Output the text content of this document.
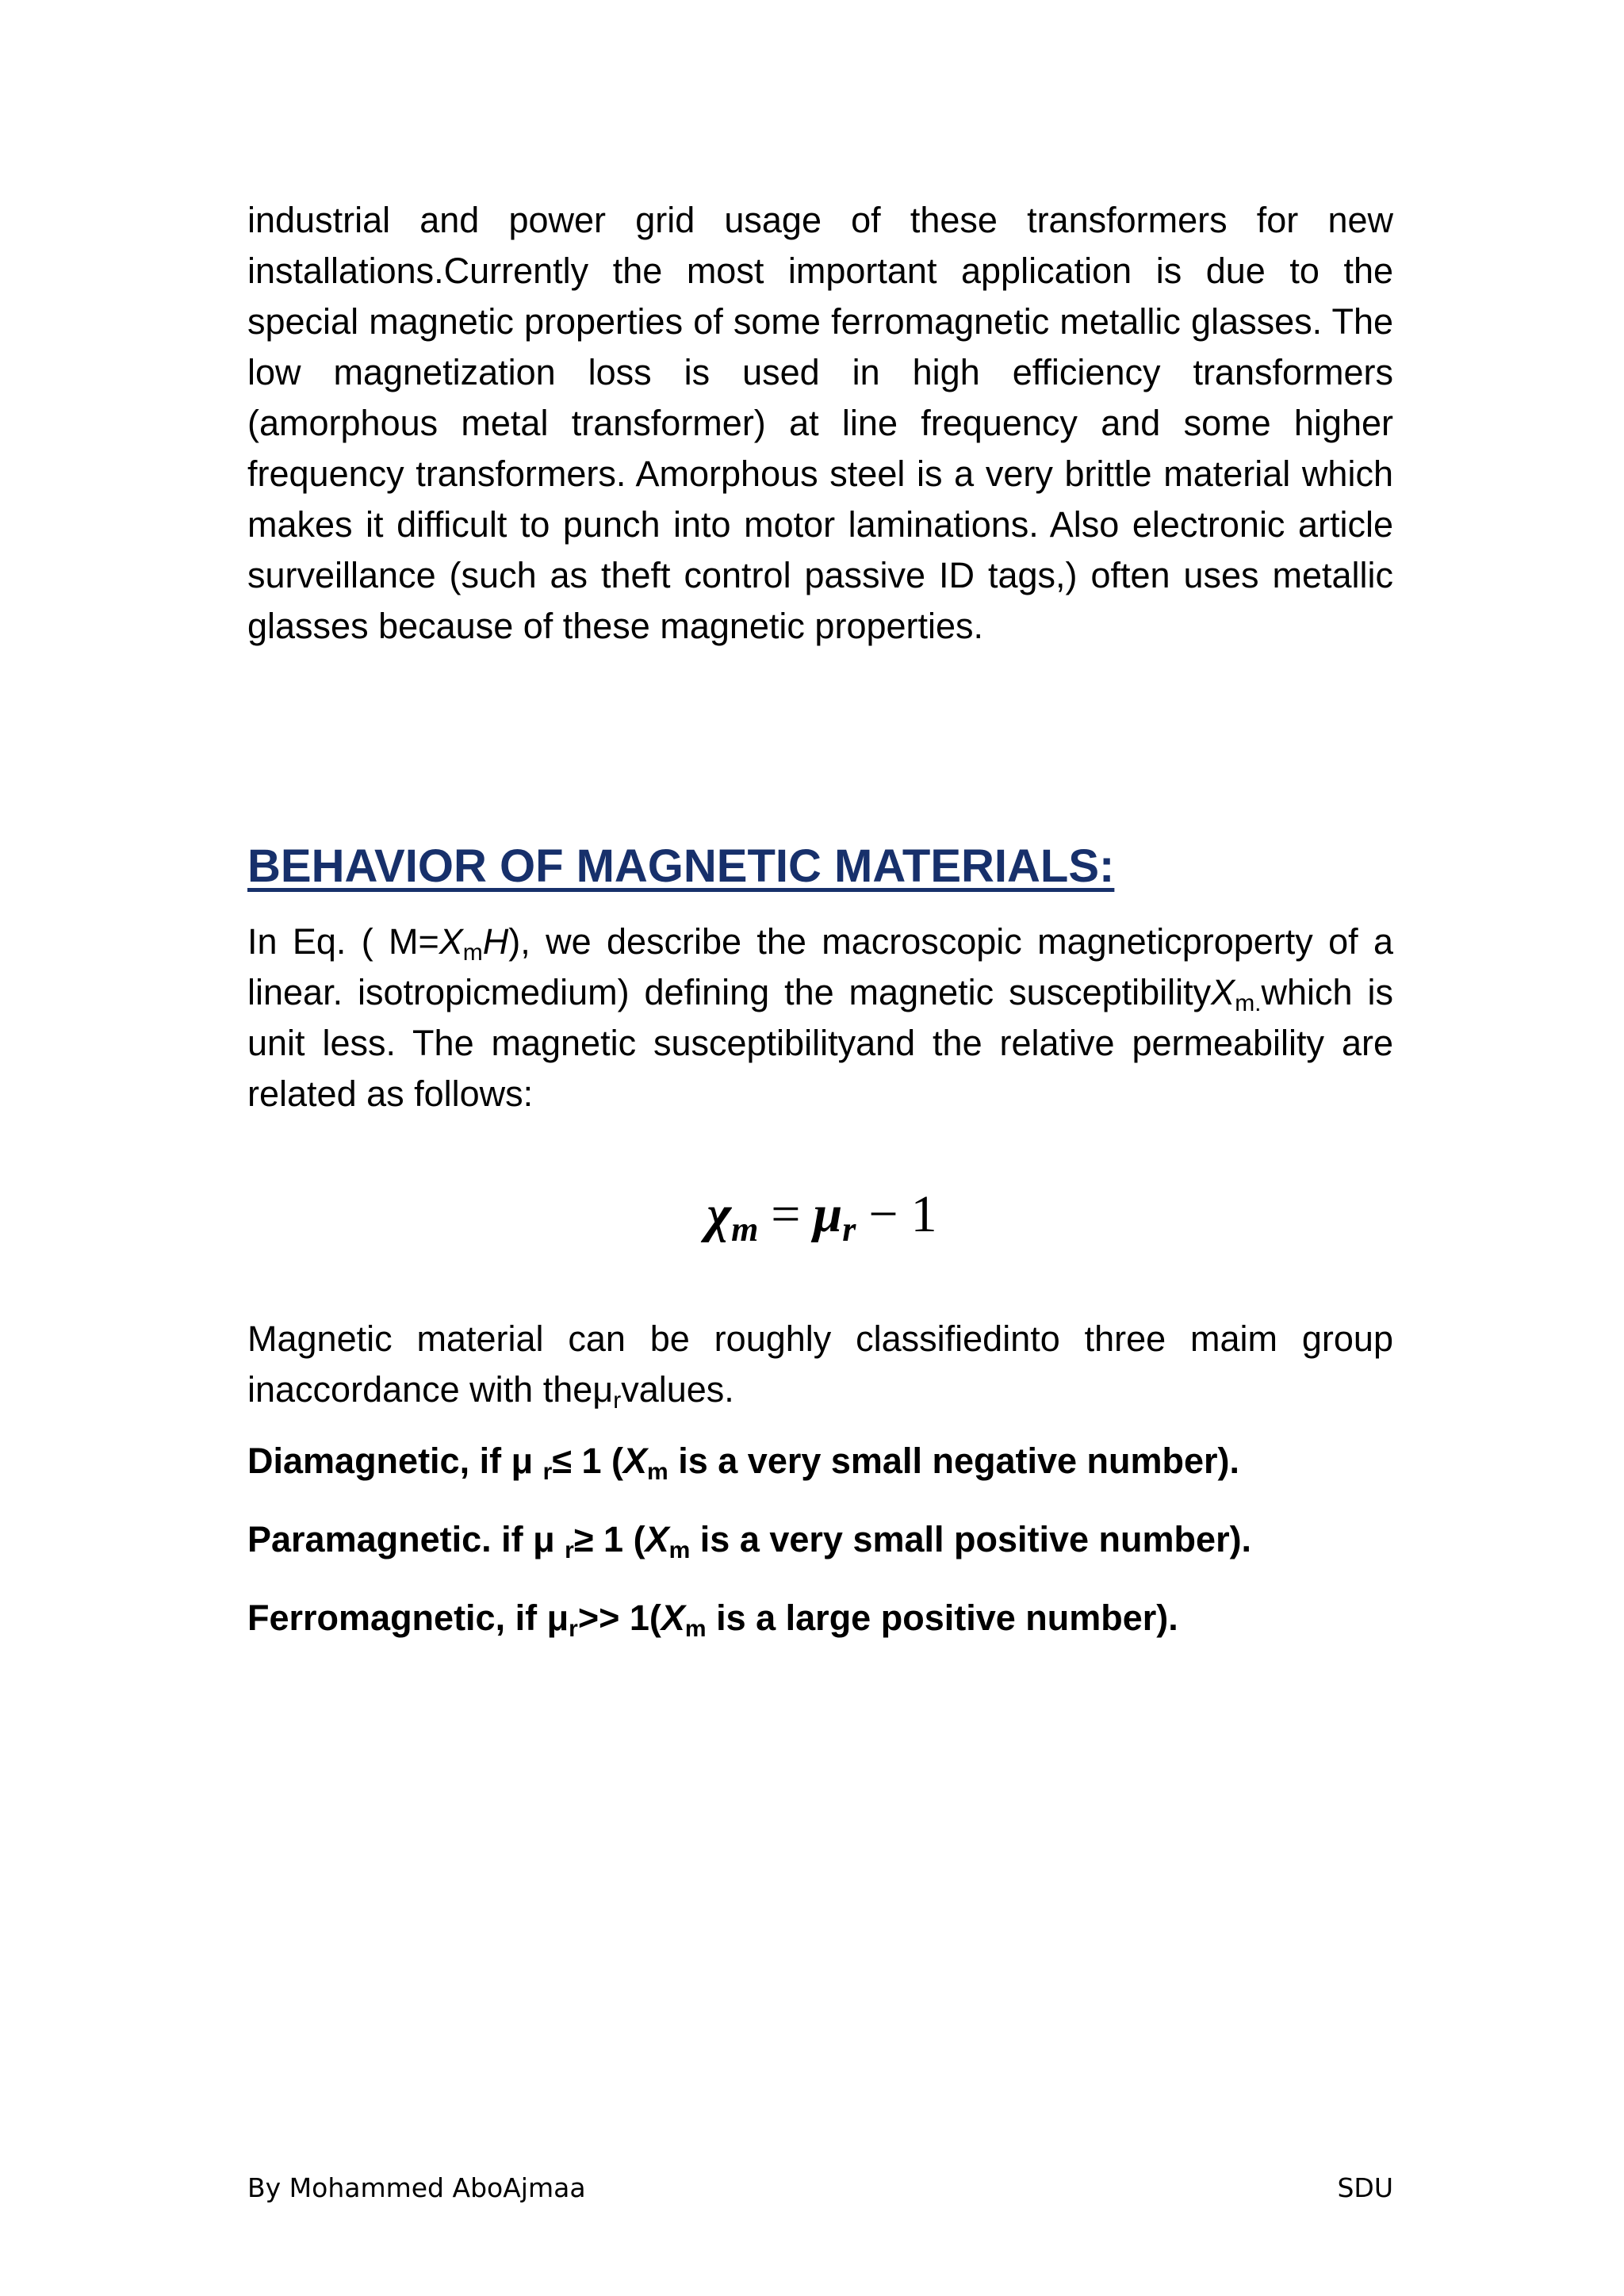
industrial and power grid usage of these transformers for new installations.Currently the most important application is due to the special magnetic properties of some ferromagnetic metallic glasses. The low magnetization loss is used in high efficiency transformers (amorphous metal transformer) at line frequency and some higher frequency transformers. Amorphous steel is a very brittle material which makes it difficult to punch into motor laminations. Also electronic article surveillance (such as theft control passive ID tags,) often uses metallic glasses because of these magnetic properties.

BEHAVIOR OF MAGNETIC MATERIALS:

In Eq. ( $M=X_mH$), we describe the macroscopic magneticproperty of a linear. isotropicmedium) defining the magnetic susceptibilityX$_{m.}$which is unit less. The magnetic susceptibilityand the relative permeability are related as follows:

$\chi_m = \mu_r - 1$

Magnetic material can be roughly classifiedinto three maim group inaccordance with theμ$_r$values.

Diamagnetic, if μ $_r$≤ 1 ($X_m$ is a very small negative number).

Paramagnetic. if μ $_r$≥ 1 ($X_m$ is a very small positive number).

Ferromagnetic, if $\mu_r>> 1(X_m$ is a large positive number).

By Mohammed AboAjmaa	SDU
